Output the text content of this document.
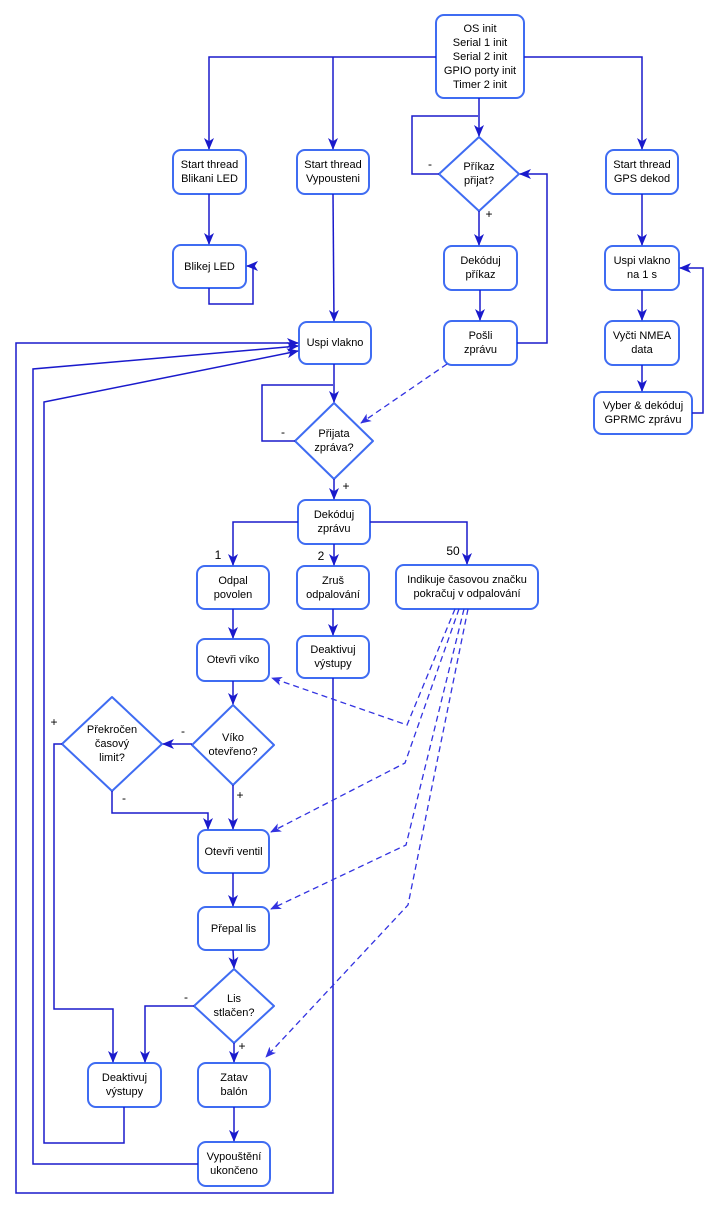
OS init
Serial 1 init
Serial 2 init
GPIO porty init
Timer 2 init
Start thread
Blikani LED
Start thread
Vypousteni
Start thread
GPS dekod
Blikej LED	Dekóduj
příkaz
Uspi vlakno
na 1 s
Pošli
zprávu
Vyčti NMEA
data
Uspi vlakno
Vyber & dekóduj
GPRMC zprávu
Dekóduj
zprávu
Odpal
povolen
Zruš
odpalování
Indikuje časovou značku
pokračuj v odpalování
Otevři víko
Deaktivuj
výstupy
Otevři ventil
Přepal lis
Deaktivuj
výstupy
Zatav
balón
Vypouštění
ukončeno
Příkaz
přijat?
Přijata
zpráva?
Víko
otevřeno?
Překročen
časový
limit?
Lis
stlačen?
-
+
-
+
1	2	50
-
+
+
-
-
+
